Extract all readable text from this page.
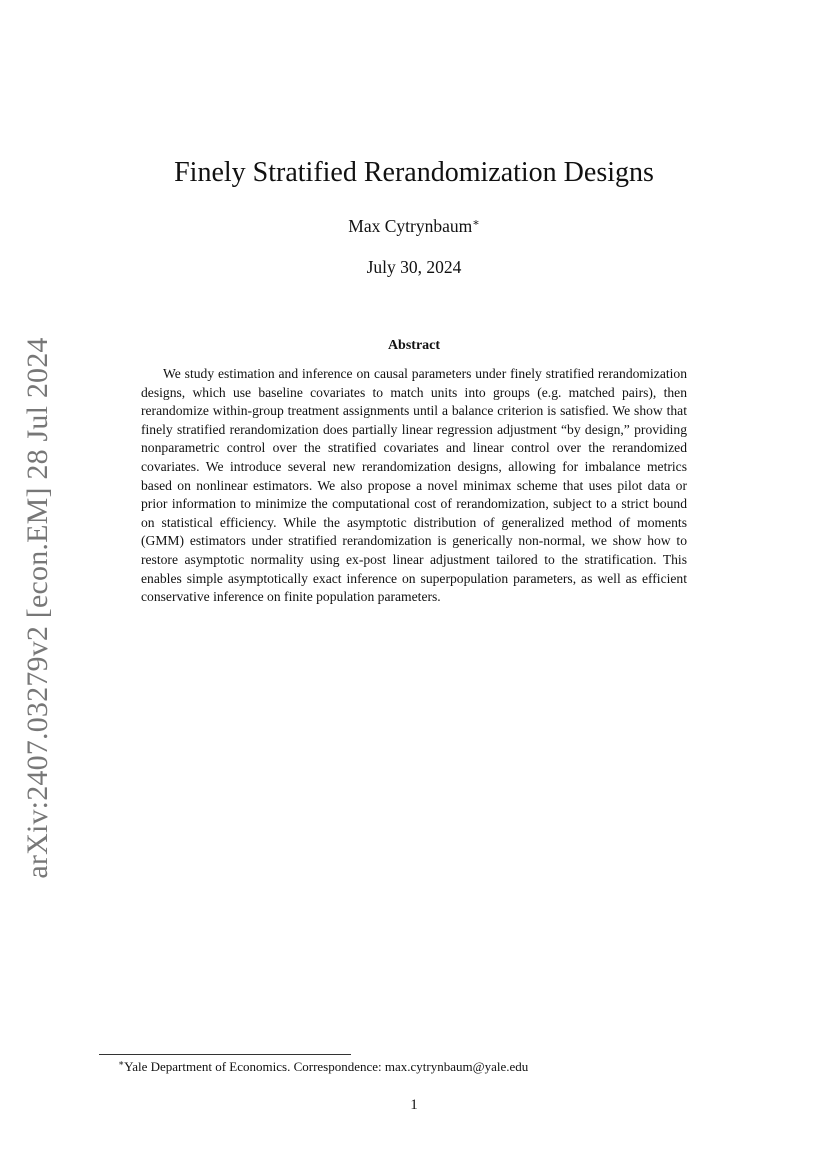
arXiv:2407.03279v2 [econ.EM] 28 Jul 2024
Finely Stratified Rerandomization Designs
Max Cytrynbaum∗
July 30, 2024
Abstract

We study estimation and inference on causal parameters under finely stratified rerandomization designs, which use baseline covariates to match units into groups (e.g. matched pairs), then rerandomize within-group treatment assignments until a balance criterion is satisfied. We show that finely stratified rerandomization does partially linear regression adjustment “by design,” providing nonparametric control over the stratified covariates and linear control over the rerandomized covariates. We introduce several new rerandomization designs, allowing for imbalance metrics based on nonlinear estimators. We also propose a novel minimax scheme that uses pilot data or prior information to minimize the computational cost of rerandomization, subject to a strict bound on statistical efficiency. While the asymptotic distribution of generalized method of moments (GMM) estimators under stratified rerandomization is generically non-normal, we show how to restore asymptotic normality using ex-post linear adjustment tailored to the stratification. This enables simple asymptotically exact inference on superpopulation parameters, as well as efficient conservative inference on finite population parameters.

∗Yale Department of Economics. Correspondence: max.cytrynbaum@yale.edu
1
